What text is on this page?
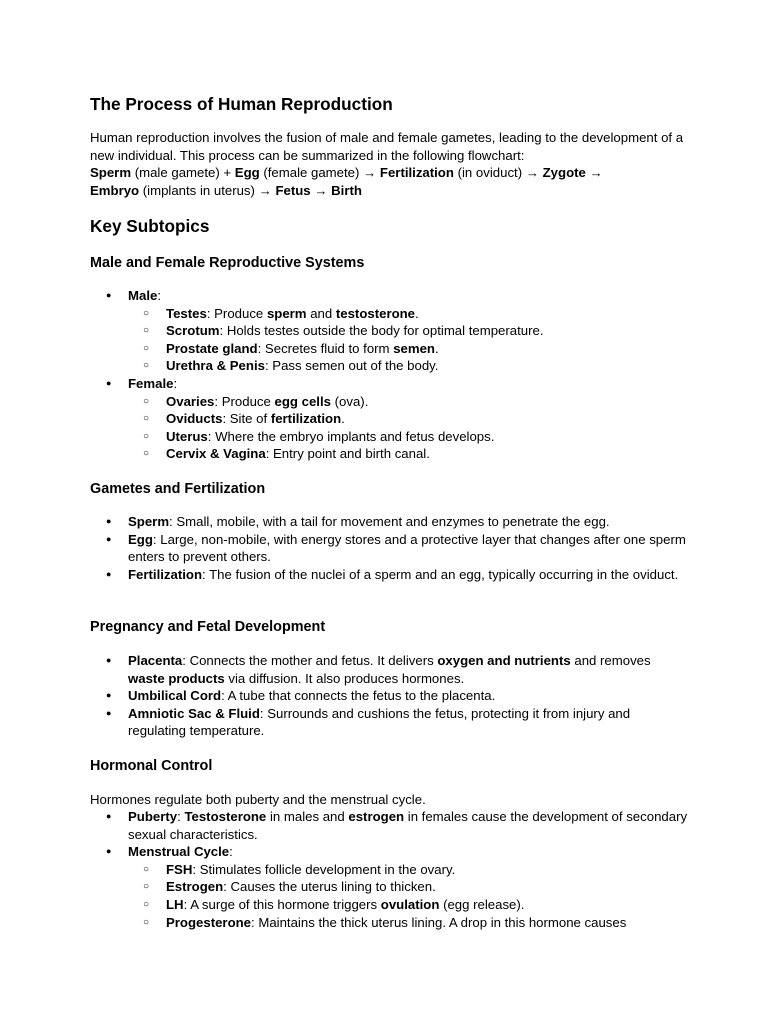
The Process of Human Reproduction

Human reproduction involves the fusion of male and female gametes, leading to the development of a new individual. This process can be summarized in the following flowchart:
Sperm (male gamete) + Egg (female gamete) → Fertilization (in oviduct) → Zygote →
Embryo (implants in uterus) → Fetus → Birth

Key Subtopics
Male and Female Reproductive Systems
● Male:
○ Testes: Produce sperm and testosterone.
○ Scrotum: Holds testes outside the body for optimal temperature.
○ Prostate gland: Secretes fluid to form semen.
○ Urethra & Penis: Pass semen out of the body.
● Female:
○ Ovaries: Produce egg cells (ova).
○ Oviducts: Site of fertilization.
○ Uterus: Where the embryo implants and fetus develops.
○ Cervix & Vagina: Entry point and birth canal.
Gametes and Fertilization
● Sperm: Small, mobile, with a tail for movement and enzymes to penetrate the egg.
● Egg: Large, non-mobile, with energy stores and a protective layer that changes after one sperm enters to prevent others.
● Fertilization: The fusion of the nuclei of a sperm and an egg, typically occurring in the oviduct.
Pregnancy and Fetal Development
● Placenta: Connects the mother and fetus. It delivers oxygen and nutrients and removes waste products via diffusion. It also produces hormones.
● Umbilical Cord: A tube that connects the fetus to the placenta.
● Amniotic Sac & Fluid: Surrounds and cushions the fetus, protecting it from injury and regulating temperature.
Hormonal Control

Hormones regulate both puberty and the menstrual cycle.

● Puberty: Testosterone in males and estrogen in females cause the development of secondary sexual characteristics.
● Menstrual Cycle:
○ FSH: Stimulates follicle development in the ovary.
○ Estrogen: Causes the uterus lining to thicken.
○ LH: A surge of this hormone triggers ovulation (egg release).
○ Progesterone: Maintains the thick uterus lining. A drop in this hormone causes
